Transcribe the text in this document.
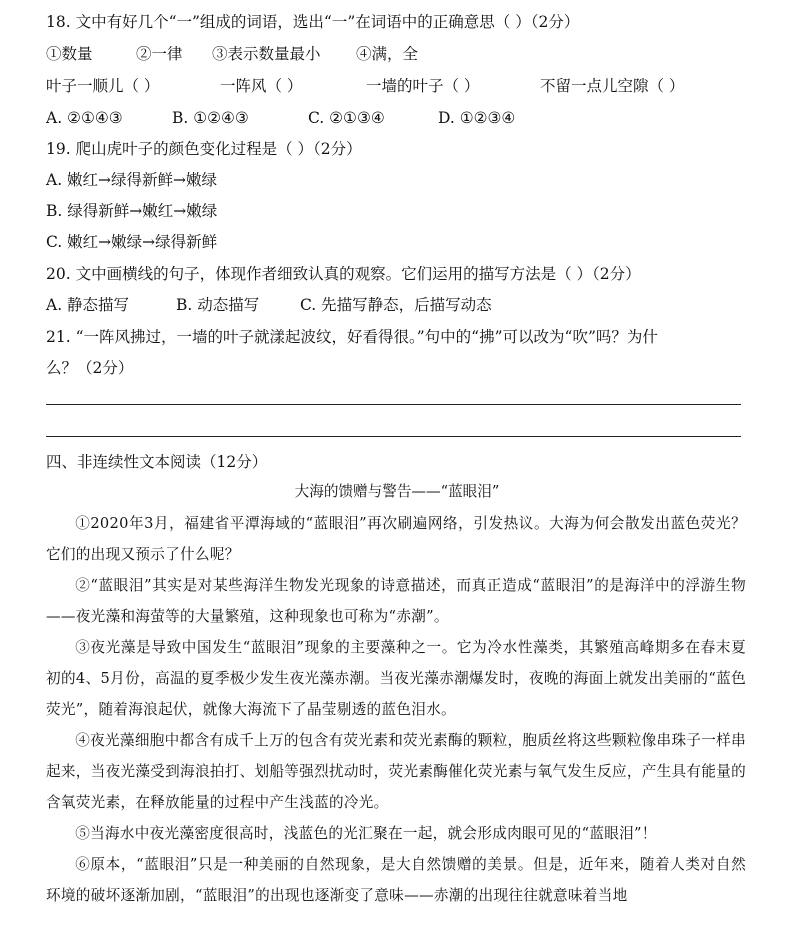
18. 文中有好几个“一”组成的词语，选出“一”在词语中的正确意思（ ）（2分）
①数量	②一律 ③表示数量最小 ④满，全
叶子一顺儿（ ）	一阵风（ ）	一墙的叶子（ ）	不留一点儿空隙（ ）
A. ②①④③	B. ①②④③	C. ②①③④	D. ①②③④
19. 爬山虎叶子的颜色变化过程是（ ）（2分）
A. 嫩红→绿得新鲜→嫩绿
B. 绿得新鲜→嫩红→嫩绿
C. 嫩红→嫩绿→绿得新鲜
20. 文中画横线的句子，体现作者细致认真的观察。它们运用的描写方法是（ ）（2分）
A. 静态描写	B. 动态描写	C. 先描写静态，后描写动态
21. “一阵风拂过，一墙的叶子就漾起波纹，好看得很。”句中的“拂”可以改为“吹”吗？为什
么？（2分）
四、非连续性文本阅读（12分）
大海的馈赠与警告——“蓝眼泪”

①2020年3月，福建省平潭海域的“蓝眼泪”再次刷遍网络，引发热议。大海为何会散发出蓝色荧光？它们的出现又预示了什么呢？

②“蓝眼泪”其实是对某些海洋生物发光现象的诗意描述，而真正造成“蓝眼泪”的是海洋中的浮游生物——夜光藻和海萤等的大量繁殖，这种现象也可称为“赤潮”。

③夜光藻是导致中国发生“蓝眼泪”现象的主要藻种之一。它为冷水性藻类，其繁殖高峰期多在春末夏初的4、5月份，高温的夏季极少发生夜光藻赤潮。当夜光藻赤潮爆发时，夜晚的海面上就发出美丽的“蓝色荧光”，随着海浪起伏，就像大海流下了晶莹剔透的蓝色泪水。

④夜光藻细胞中都含有成千上万的包含有荧光素和荧光素酶的颗粒，胞质丝将这些颗粒像串珠子一样串起来，当夜光藻受到海浪拍打、划船等强烈扰动时，荧光素酶催化荧光素与氧气发生反应，产生具有能量的含氧荧光素，在释放能量的过程中产生浅蓝的冷光。

⑤当海水中夜光藻密度很高时，浅蓝色的光汇聚在一起，就会形成肉眼可见的“蓝眼泪”！

⑥原本，“蓝眼泪”只是一种美丽的自然现象，是大自然馈赠的美景。但是，近年来，随着人类对自然环境的破坏逐渐加剧，“蓝眼泪”的出现也逐渐变了意味——赤潮的出现往往就意味着当地
